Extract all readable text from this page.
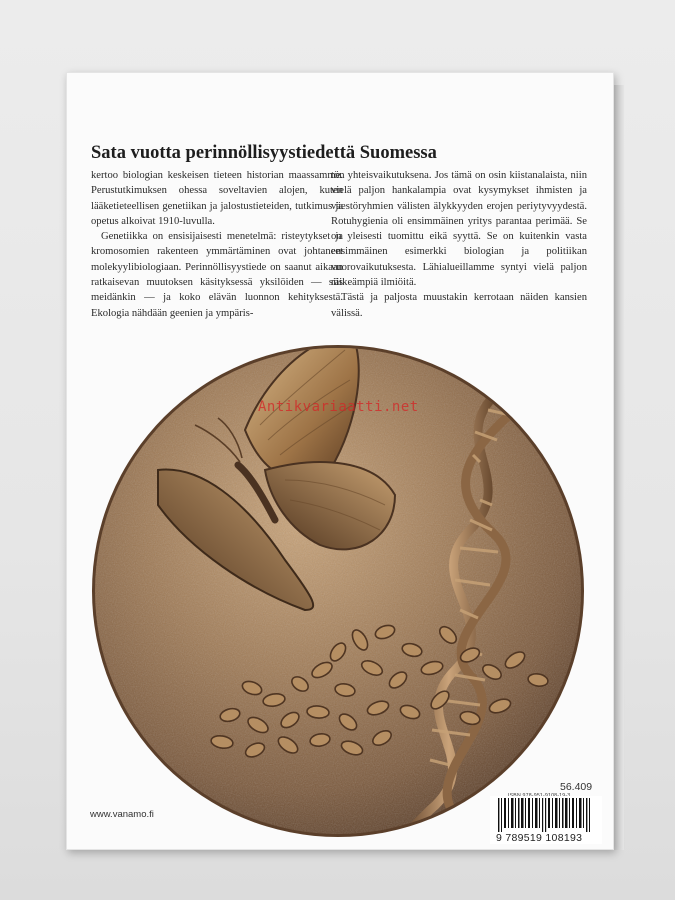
Sata vuotta perinnöllisyystiedettä Suomessa

kertoo biologian keskeisen tieteen historian maassamme. Perustutkimuksen ohessa soveltavien alojen, kuten lääketieteellisen genetiikan ja jalostustieteiden, tutkimus ja opetus alkoivat 1910-luvulla.

Genetiikka on ensisijaisesti menetelmä: risteytykset ja kromosomien rakenteen ymmärtäminen ovat johtaneet molekyylibiologiaan. Perinnöllisyystiede on saanut aikaan ratkaisevan muutoksen käsityksessä yksilöiden — siis meidänkin — ja koko elävän luonnon kehityksestä. Ekologia nähdään geenien ja ympäris-

tön yhteisvaikutuksena. Jos tämä on osin kiistanalaista, niin vielä paljon hankalampia ovat kysymykset ihmisten ja väestöryhmien välisten älykkyyden erojen periytyvyydestä. Rotuhygienia oli ensimmäinen yritys parantaa perimää. Se on yleisesti tuomittu eikä syyttä. Se on kuitenkin vasta ensimmäinen esimerkki biologian ja politiikan vuorovaikutuksesta. Lähialueillamme syntyi vielä paljon räikeämpiä ilmiöitä.

Tästä ja paljosta muustakin kerrotaan näiden kansien välissä.

Antikvariaatti.net
56.409
9 789519 108193
www.vanamo.fi
